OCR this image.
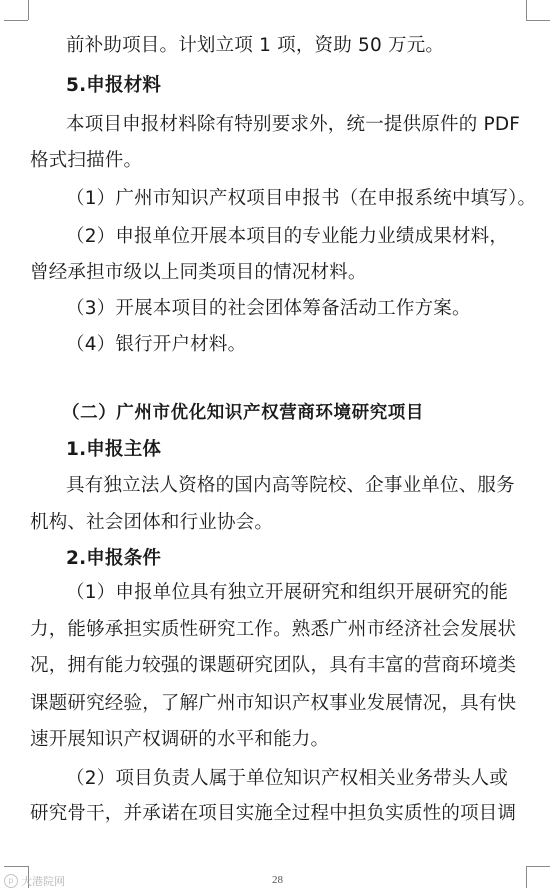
前补助项目。计划立项 1 项，资助 50 万元。
5.申报材料
本项目申报材料除有特别要求外，统一提供原件的 PDF
格式扫描件。
（1）广州市知识产权项目申报书（在申报系统中填写）。
（2）申报单位开展本项目的专业能力业绩成果材料，
曾经承担市级以上同类项目的情况材料。
（3）开展本项目的社会团体筹备活动工作方案。
（4）银行开户材料。
（二）广州市优化知识产权营商环境研究项目
1.申报主体
具有独立法人资格的国内高等院校、企事业单位、服务
机构、社会团体和行业协会。
2.申报条件
（1）申报单位具有独立开展研究和组织开展研究的能
力，能够承担实质性研究工作。熟悉广州市经济社会发展状
况，拥有能力较强的课题研究团队，具有丰富的营商环境类
课题研究经验，了解广州市知识产权事业发展情况，具有快
速开展知识产权调研的水平和能力。
（2）项目负责人属于单位知识产权相关业务带头人或
研究骨干，并承诺在项目实施全过程中担负实质性的项目调
p 大港院网	28
